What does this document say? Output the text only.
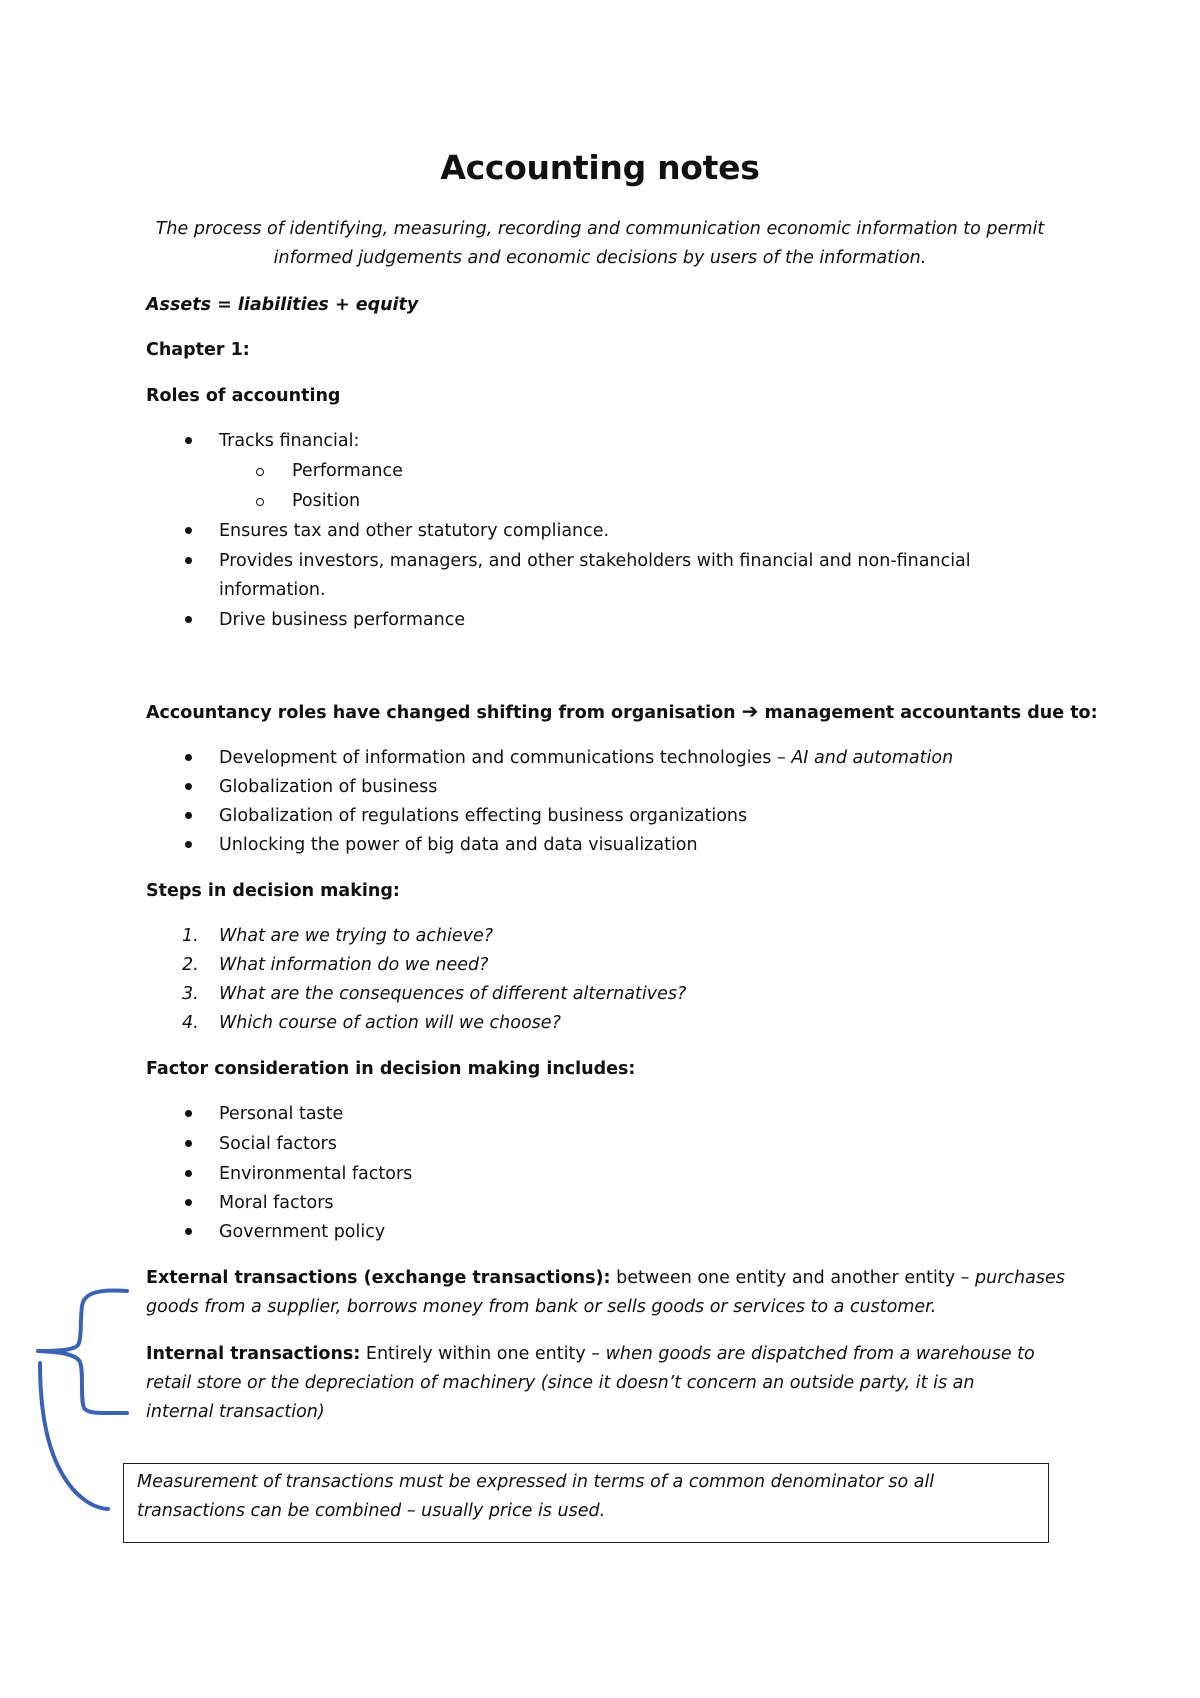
Accounting notes
The process of identifying, measuring, recording and communication economic information to permit
informed judgements and economic decisions by users of the information.
Assets = liabilities + equity
Chapter 1:
Roles of accounting
Tracks financial:
Performance
Position
Ensures tax and other statutory compliance.
Provides investors, managers, and other stakeholders with financial and non-financial
information.
Drive business performance
Accountancy roles have changed shifting from organisation ➔ management accountants due to:
Development of information and communications technologies – AI and automation
Globalization of business
Globalization of regulations effecting business organizations
Unlocking the power of big data and data visualization
Steps in decision making:
1. What are we trying to achieve?
2. What information do we need?
3. What are the consequences of different alternatives?
4. Which course of action will we choose?
Factor consideration in decision making includes:
Personal taste
Social factors
Environmental factors
Moral factors
Government policy
External transactions (exchange transactions): between one entity and another entity – purchases
goods from a supplier, borrows money from bank or sells goods or services to a customer.
Internal transactions: Entirely within one entity – when goods are dispatched from a warehouse to
retail store or the depreciation of machinery (since it doesn’t concern an outside party, it is an
internal transaction)
Measurement of transactions must be expressed in terms of a common denominator so all
transactions can be combined – usually price is used.
